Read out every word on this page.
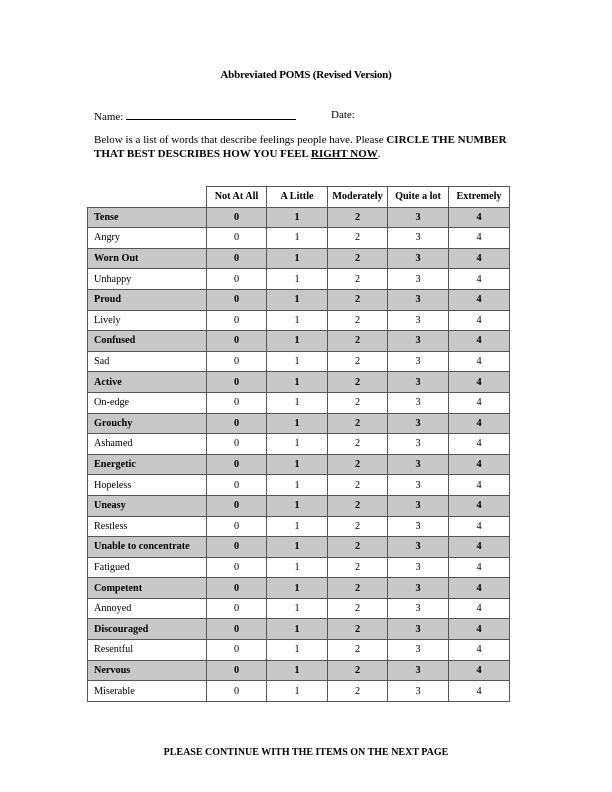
Abbreviated POMS (Revised Version)
Name:	Date:
Below is a list of words that describe feelings people have. Please CIRCLE THE NUMBER THAT BEST DESCRIBES HOW YOU FEEL RIGHT NOW.
	Not At All	A Little	Moderately	Quite a lot	Extremely
Tense	0	1	2	3	4
Angry	0	1	2	3	4
Worn Out	0	1	2	3	4
Unhappy	0	1	2	3	4
Proud	0	1	2	3	4
Lively	0	1	2	3	4
Confused	0	1	2	3	4
Sad	0	1	2	3	4
Active	0	1	2	3	4
On-edge	0	1	2	3	4
Grouchy	0	1	2	3	4
Ashamed	0	1	2	3	4
Energetic	0	1	2	3	4
Hopeless	0	1	2	3	4
Uneasy	0	1	2	3	4
Restless	0	1	2	3	4
Unable to concentrate	0	1	2	3	4
Fatigued	0	1	2	3	4
Competent	0	1	2	3	4
Annoyed	0	1	2	3	4
Discouraged	0	1	2	3	4
Resentful	0	1	2	3	4
Nervous	0	1	2	3	4
Miserable	0	1	2	3	4
PLEASE CONTINUE WITH THE ITEMS ON THE NEXT PAGE
